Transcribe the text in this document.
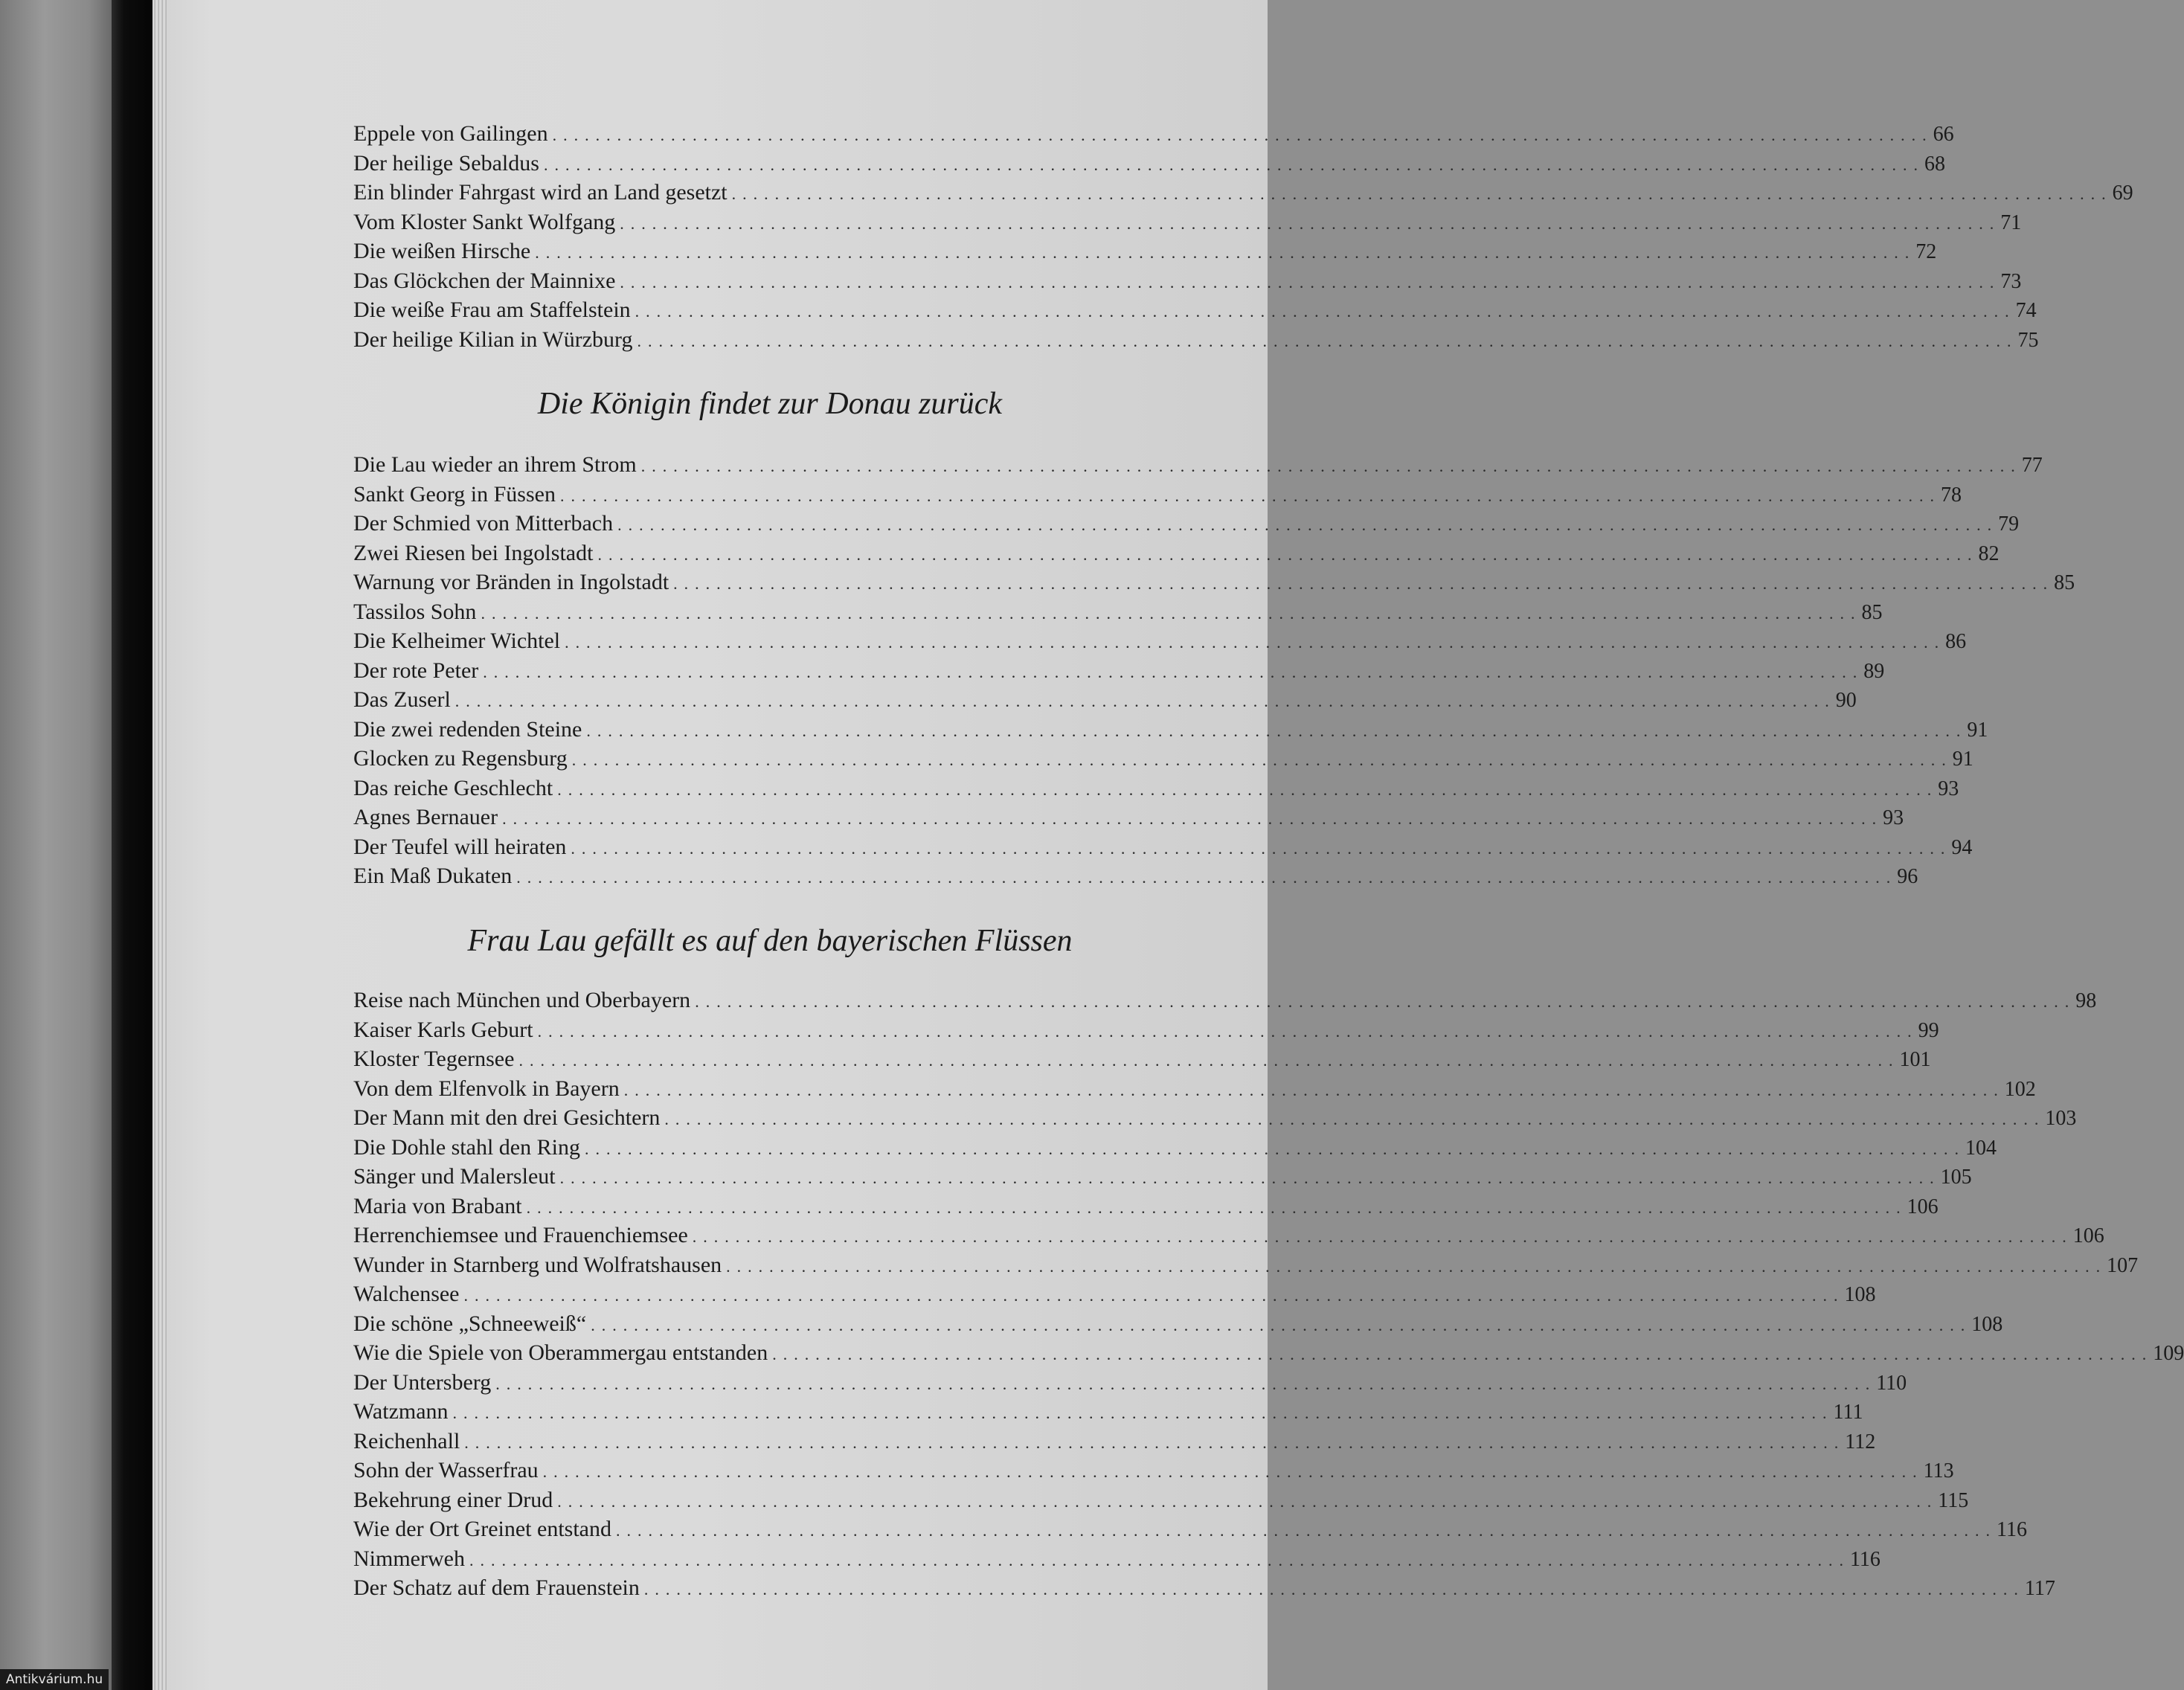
Eppele von Gailingen ................................................................................................................................ 66
Der heilige Sebaldus ................................................................................................................................ 68
Ein blinder Fahrgast wird an Land gesetzt ................................................................................................................................ 69
Vom Kloster Sankt Wolfgang ................................................................................................................................ 71
Die weißen Hirsche ................................................................................................................................ 72
Das Glöckchen der Mainnixe ................................................................................................................................ 73
Die weiße Frau am Staffelstein ................................................................................................................................ 74
Der heilige Kilian in Würzburg ................................................................................................................................ 75
Die Königin findet zur Donau zurück
Die Lau wieder an ihrem Strom ................................................................................................................................ 77
Sankt Georg in Füssen ................................................................................................................................ 78
Der Schmied von Mitterbach ................................................................................................................................ 79
Zwei Riesen bei Ingolstadt ................................................................................................................................ 82
Warnung vor Bränden in Ingolstadt ................................................................................................................................ 85
Tassilos Sohn ................................................................................................................................ 85
Die Kelheimer Wichtel ................................................................................................................................ 86
Der rote Peter ................................................................................................................................ 89
Das Zuserl ................................................................................................................................ 90
Die zwei redenden Steine ................................................................................................................................ 91
Glocken zu Regensburg ................................................................................................................................ 91
Das reiche Geschlecht ................................................................................................................................ 93
Agnes Bernauer ................................................................................................................................ 93
Der Teufel will heiraten ................................................................................................................................ 94
Ein Maß Dukaten ................................................................................................................................ 96
Frau Lau gefällt es auf den bayerischen Flüssen
Reise nach München und Oberbayern ................................................................................................................................ 98
Kaiser Karls Geburt ................................................................................................................................ 99
Kloster Tegernsee ................................................................................................................................ 101
Von dem Elfenvolk in Bayern ................................................................................................................................ 102
Der Mann mit den drei Gesichtern ................................................................................................................................ 103
Die Dohle stahl den Ring ................................................................................................................................ 104
Sänger und Malersleut ................................................................................................................................ 105
Maria von Brabant ................................................................................................................................ 106
Herrenchiemsee und Frauenchiemsee ................................................................................................................................ 106
Wunder in Starnberg und Wolfratshausen ................................................................................................................................ 107
Walchensee ................................................................................................................................ 108
Die schöne „Schneeweiß“ ................................................................................................................................ 108
Wie die Spiele von Oberammergau entstanden ................................................................................................................................ 109
Der Untersberg ................................................................................................................................ 110
Watzmann ................................................................................................................................ 111
Reichenhall ................................................................................................................................ 112
Sohn der Wasserfrau ................................................................................................................................ 113
Bekehrung einer Drud ................................................................................................................................ 115
Wie der Ort Greinet entstand ................................................................................................................................ 116
Nimmerweh ................................................................................................................................ 116
Der Schatz auf dem Frauenstein ................................................................................................................................ 117
Antikvárium.hu
